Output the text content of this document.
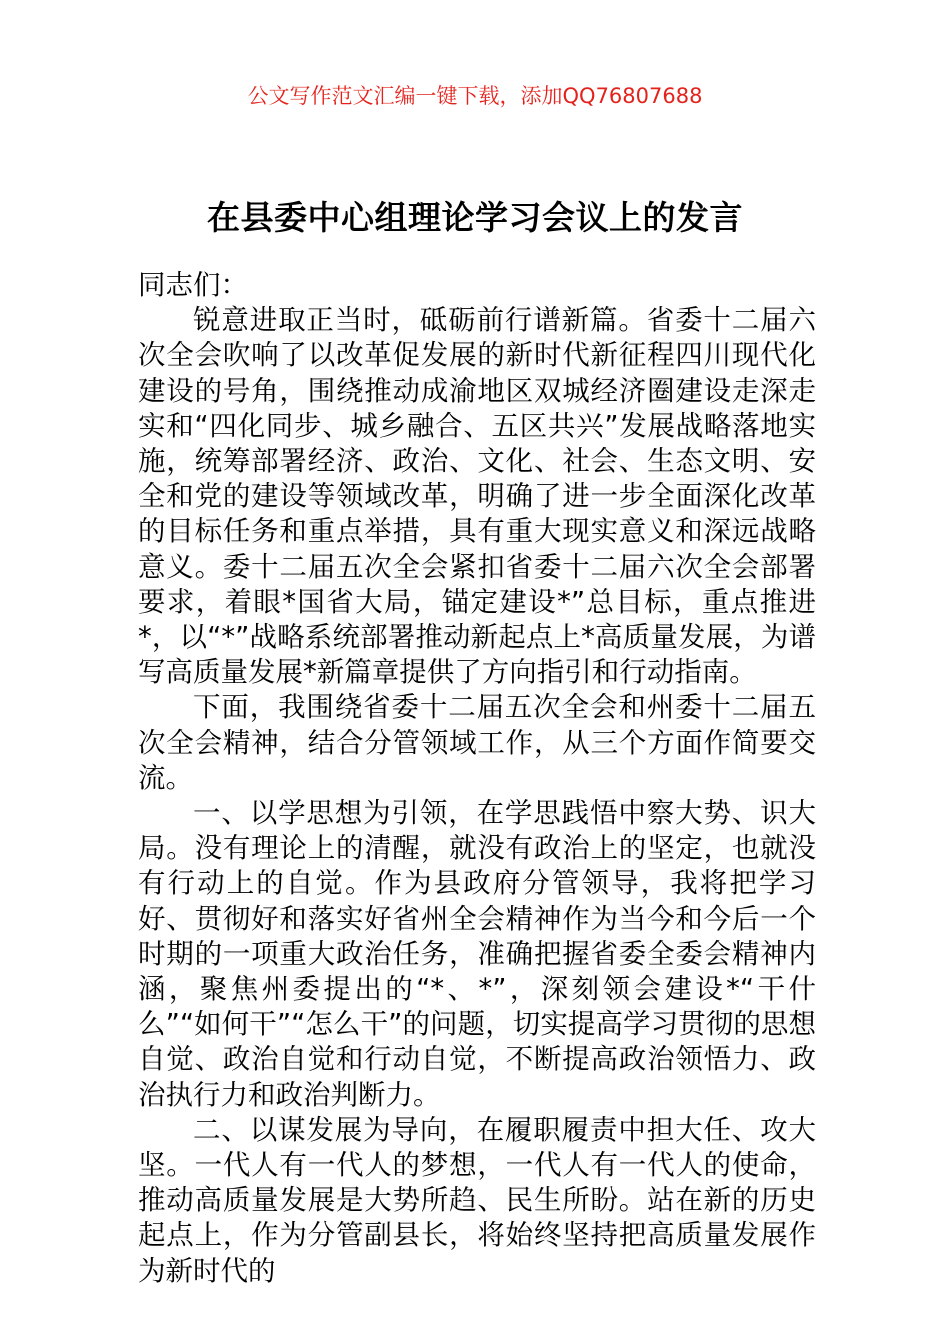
公文写作范文汇编一键下载，添加QQ76807688
在县委中心组理论学习会议上的发言

同志们：

锐意进取正当时，砥砺前行谱新篇。省委十二届六次全会吹响了以改革促发展的新时代新征程四川现代化建设的号角，围绕推动成渝地区双城经济圈建设走深走实和“四化同步、城乡融合、五区共兴”发展战略落地实施，统筹部署经济、政治、文化、社会、生态文明、安全和党的建设等领域改革，明确了进一步全面深化改革的目标任务和重点举措，具有重大现实意义和深远战略意义。委十二届五次全会紧扣省委十二届六次全会部署要求，着眼*国省大局，锚定建设*”总目标，重点推进*，以“*”战略系统部署推动新起点上*高质量发展，为谱写高质量发展*新篇章提供了方向指引和行动指南。

下面，我围绕省委十二届五次全会和州委十二届五次全会精神，结合分管领域工作，从三个方面作简要交流。

一、以学思想为引领，在学思践悟中察大势、识大局。没有理论上的清醒，就没有政治上的坚定，也就没有行动上的自觉。作为县政府分管领导，我将把学习好、贯彻好和落实好省州全会精神作为当今和今后一个时期的一项重大政治任务，准确把握省委全委会精神内涵，聚焦州委提出的“*、*”，深刻领会建设*“干什么”“如何干”“怎么干”的问题，切实提高学习贯彻的思想自觉、政治自觉和行动自觉，不断提高政治领悟力、政治执行力和政治判断力。

二、以谋发展为导向，在履职履责中担大任、攻大坚。一代人有一代人的梦想，一代人有一代人的使命，推动高质量发展是大势所趋、民生所盼。站在新的历史起点上，作为分管副县长，将始终坚持把高质量发展作为新时代的
